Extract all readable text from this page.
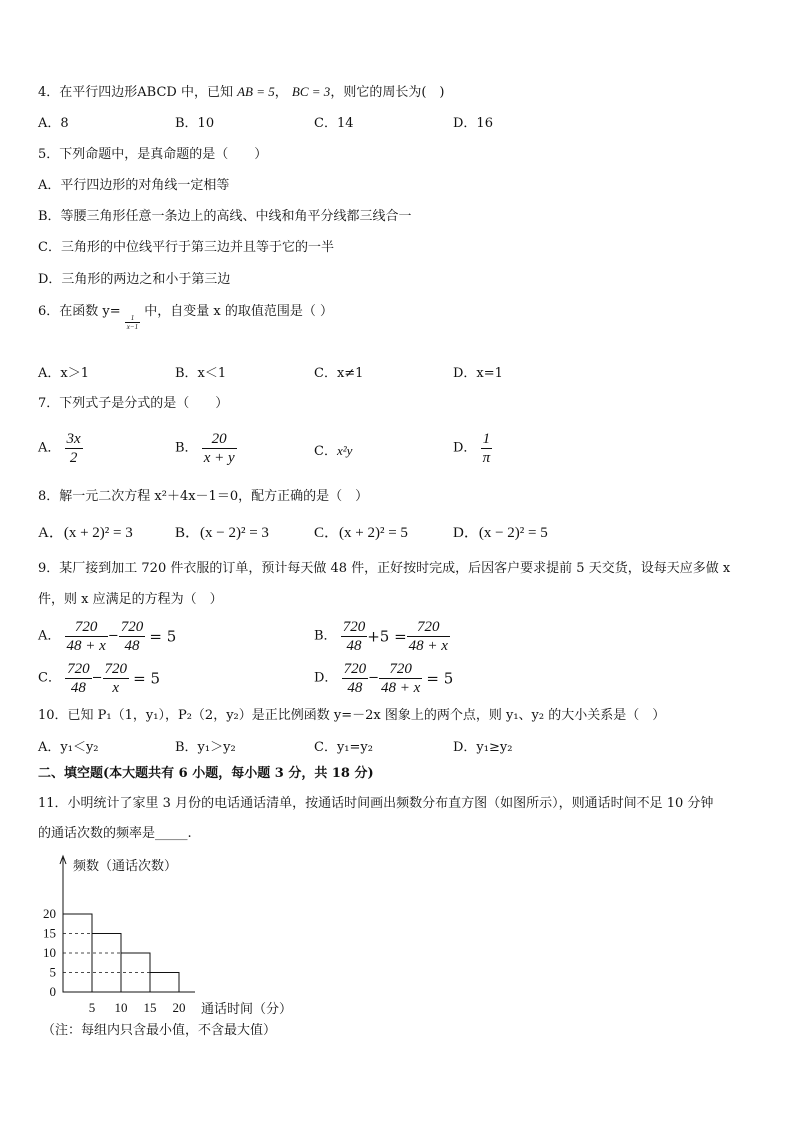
4．在平行四边形ABCD 中，已知 AB = 5， BC = 3，则它的周长为(　)
A．8	B．10	C．14	D．16
5．下列命题中，是真命题的是（　　）
A．平行四边形的对角线一定相等
B．等腰三角形任意一条边上的高线、中线和角平分线都三线合一
C．三角形的中位线平行于第三边并且等于它的一半
D．三角形的两边之和小于第三边
6．在函数 y=
$\frac{1}{x-1}$
中，自变量 x 的取值范围是（ ）
A．x＞1	B．x＜1	C．x≠1	D．x=1
7．下列式子是分式的是（　　）
A． $\frac{3x}{2}$	B． $\frac{20}{x + y}$	C．x²y	D． $\frac{1}{\pi}$
8．解一元二次方程 x²＋4x－1＝0，配方正确的是（　）
A．(x + 2)² = 3	B．(x − 2)² = 3	C．(x + 2)² = 5	D．(x − 2)² = 5
9．某厂接到加工 720 件衣服的订单，预计每天做 48 件，正好按时完成，后因客户要求提前 5 天交货，设每天应多做 x
件，则 x 应满足的方程为（　）
A． $\frac{720}{48 + x} - \frac{720}{48} = 5$	B． $\frac{720}{48} +5 = \frac{720}{48 + x}$
C． $\frac{720}{48} - \frac{720}{x} = 5$	D． $\frac{720}{48} - \frac{720}{48 + x} = 5$
10．已知 P₁（1，y₁），P₂（2，y₂）是正比例函数 y=－2x 图象上的两个点，则 y₁、y₂ 的大小关系是（　）
A．y₁＜y₂	B．y₁＞y₂	C．y₁=y₂	D．y₁≥y₂
二、填空题(本大题共有 6 小题，每小题 3 分，共 18 分)
11．小明统计了家里 3 月份的电话通话清单，按通话时间画出频数分布直方图（如图所示），则通话时间不足 10 分钟
的通话次数的频率是_____.
20
15
10
5
0
5 10 15 20
频数（通话次数）
通话时间（分）
（注：每组内只含最小值，不含最大值）
